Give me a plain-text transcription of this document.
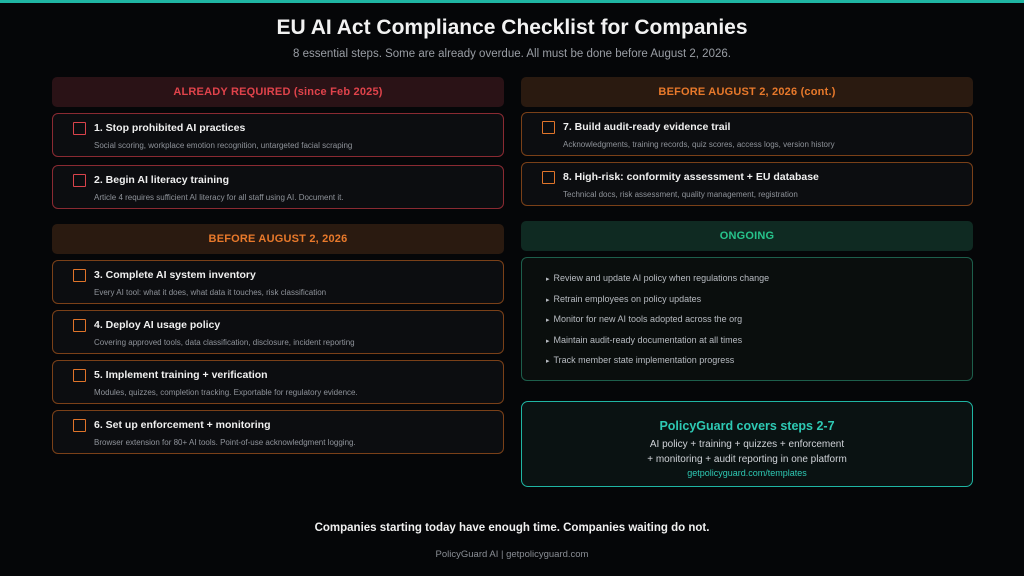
EU AI Act Compliance Checklist for Companies
8 essential steps. Some are already overdue. All must be done before August 2, 2026.
ALREADY REQUIRED (since Feb 2025)
1. Stop prohibited AI practices
Social scoring, workplace emotion recognition, untargeted facial scraping
2. Begin AI literacy training
Article 4 requires sufficient AI literacy for all staff using AI. Document it.
BEFORE AUGUST 2, 2026
3. Complete AI system inventory
Every AI tool: what it does, what data it touches, risk classification
4. Deploy AI usage policy
Covering approved tools, data classification, disclosure, incident reporting
5. Implement training + verification
Modules, quizzes, completion tracking. Exportable for regulatory evidence.
6. Set up enforcement + monitoring
Browser extension for 80+ AI tools. Point-of-use acknowledgment logging.
BEFORE AUGUST 2, 2026 (cont.)
7. Build audit-ready evidence trail
Acknowledgments, training records, quiz scores, access logs, version history
8. High-risk: conformity assessment + EU database
Technical docs, risk assessment, quality management, registration
ONGOING
▸ Review and update AI policy when regulations change
▸ Retrain employees on policy updates
▸ Monitor for new AI tools adopted across the org
▸ Maintain audit-ready documentation at all times
▸ Track member state implementation progress
PolicyGuard covers steps 2-7
AI policy + training + quizzes + enforcement
+ monitoring + audit reporting in one platform
getpolicyguard.com/templates
Companies starting today have enough time. Companies waiting do not.
PolicyGuard AI | getpolicyguard.com
